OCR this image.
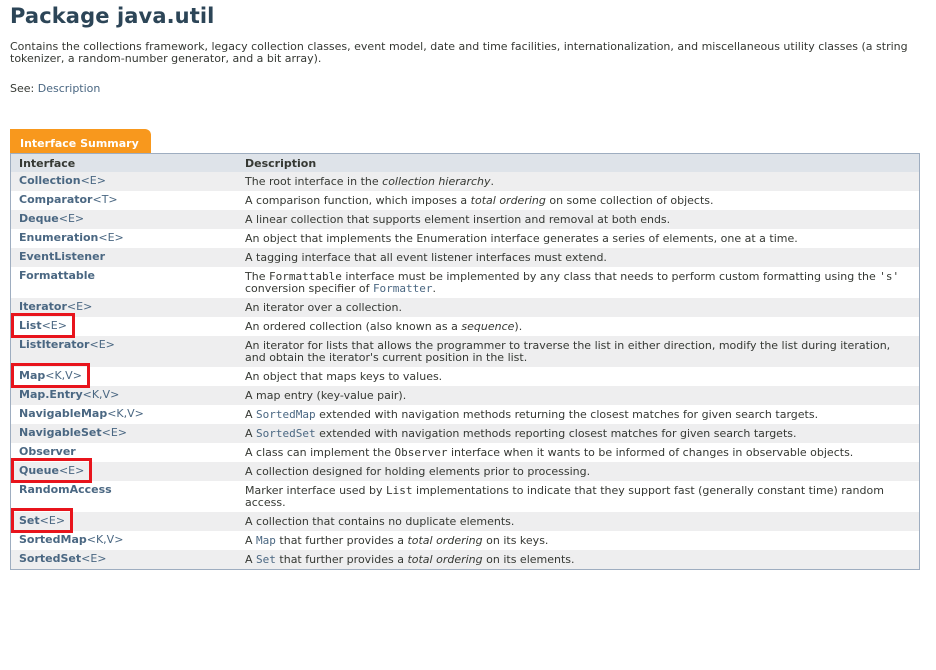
Package java.util
Contains the collections framework, legacy collection classes, event model, date and time facilities, internationalization, and miscellaneous utility classes (a string tokenizer, a random-number generator, and a bit array).
See: Description
Interface Summary
Interface	Description
Collection<E>	The root interface in the collection hierarchy.
Comparator<T>	A comparison function, which imposes a total ordering on some collection of objects.
Deque<E>	A linear collection that supports element insertion and removal at both ends.
Enumeration<E>	An object that implements the Enumeration interface generates a series of elements, one at a time.
EventListener	A tagging interface that all event listener interfaces must extend.
Formattable	The Formattable interface must be implemented by any class that needs to perform custom formatting using the 's' conversion specifier of Formatter.
Iterator<E>	An iterator over a collection.
List<E>	An ordered collection (also known as a sequence).
ListIterator<E>	An iterator for lists that allows the programmer to traverse the list in either direction, modify the list during iteration, and obtain the iterator's current position in the list.
Map<K,V>	An object that maps keys to values.
Map.Entry<K,V>	A map entry (key-value pair).
NavigableMap<K,V>	A SortedMap extended with navigation methods returning the closest matches for given search targets.
NavigableSet<E>	A SortedSet extended with navigation methods reporting closest matches for given search targets.
Observer	A class can implement the Observer interface when it wants to be informed of changes in observable objects.
Queue<E>	A collection designed for holding elements prior to processing.
RandomAccess	Marker interface used by List implementations to indicate that they support fast (generally constant time) random access.
Set<E>	A collection that contains no duplicate elements.
SortedMap<K,V>	A Map that further provides a total ordering on its keys.
SortedSet<E>	A Set that further provides a total ordering on its elements.
